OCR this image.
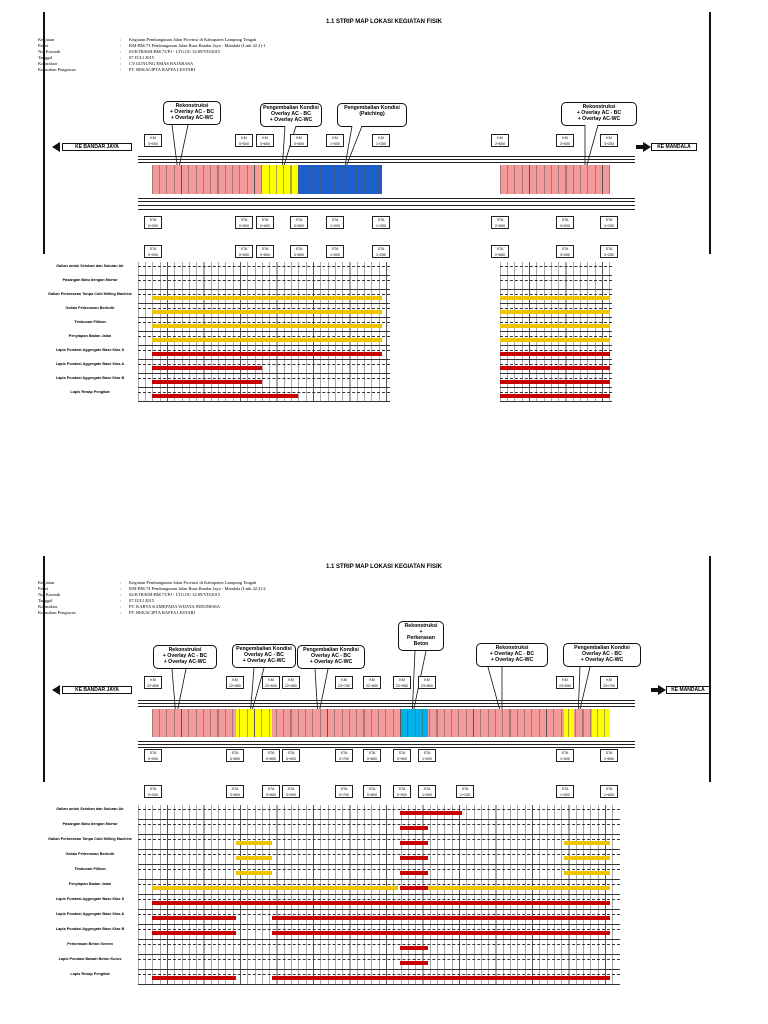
1.1 STRIP MAP LOKASI KEGIATAN FISIK
Kegiatan	: Kegiatan Pembangunan Jalan Provinsi di Kabupaten Lampung Tengah
Paket	: KM-BM.73 Pembangunan Jalan Ruas Bandar Jaya - Mandala (Link 42.2)-1
No. Kontrak	: 03/KTR/KM-BM.73/PJ - LTG.IX/ 32.09/VII/2015
Tanggal	: 07 JULI 2015
Kontraktor	: CV.GUNUNG EMAS RAJABASA
Konsultan Pengawas	: PT. REKACIPTA RAFFA LESTARI
Rekonstruksi
+ Overlay AC - BC
+ Overlay AC-WC
Pengembalian Kondisi
Overlay AC - BC
+ Overlay AC-WC
Pengembalian Kondisi
(Patching)
Rekonstruksi
+ Overlay AC - BC
+ Overlay AC-WC
KE BANDAR JAYA	KE MANDALA
KM
0+000
KM
0+500
KM
0+600
KM
0+800
KM
1+000
KM
1+250
KM
2+650
KM
3+000
KM
3+250
STA
0+000
STA
0+500
STA
0+600
STA
0+800
STA
1+000
STA
1+250
STA
2+650
STA
3+000
STA
3+250
STA
0+000
STA
0+500
STA
0+600
STA
0+800
STA
1+000
STA
1+250
STA
2+650
STA
3+000
STA
3+250
Galian untuk Selokan dan Saluran Air
Pasangan Batu dengan Mortar
Galian Perkerasan Tanpa Cold Milling Machine
Galian Perkerasan Berbutir
Timbunan Pilihan
Penyiapan Badan Jalan
Lapis Pondasi Aggregate Base Klas S
Lapis Pondasi Aggregate Base Klas A
Lapis Pondasi Aggregate Base Klas B
Lapis Resap Pengikat
1.1 STRIP MAP LOKASI KEGIATAN FISIK
Kegiatan	: Kegiatan Pembangunan Jalan Provinsi di Kabupaten Lampung Tengah
Paket	: KM-BM.74 Pembangunan Jalan Ruas Bandar Jaya - Mandala (Link 42.2)-2
No. Kontrak	: 02/KTR/KM-BM.73/PJ - LTG.IX/ 32.09/VII/2015
Tanggal	: 07 JULI 2015
Kontraktor	: PT. KARYA KAMEFADA WIJAYA INDONESIA
Konsultan Pengawas	: PT. REKACIPTA RAFFA LESTARI
Rekonstruksi
+ Overlay AC - BC
+ Overlay AC-WC
Pengembalian Kondisi
Overlay AC - BC
+ Overlay AC-WC
Pengembalian Kondisi
Overlay AC - BC
+ Overlay AC-WC
Rekonstruksi
+
Perkerasan
Beton
Rekonstruksi
+ Overlay AC - BC
+ Overlay AC-WC
Pengembalian Kondisi
Overlay AC - BC
+ Overlay AC-WC
KE BANDAR JAYA	KE MANDALA
KM
22+850
KM
22+850
KM
22+600
KM
22+650
KM
23+750
KM
22+850
KM
22+950
KM
23+850
KM
23+650
KM
23+700
STA
0+000
STA
0+800
STA
0+850
STA
0+900
STA
0+700
STA
0+800
STA
0+900
STA
1+000
STA
1+500
STA
1+650
STA
0+000
STA
0+800
STA
0+850
STA
0+900
STA
0+700
STA
0+800
STA
0+900
STA
1+000
STA
1+125
STA
1+500
STA
1+650
Galian untuk Selokan dan Saluran Air
Pasangan Batu dengan Mortar
Galian Perkerasan Tanpa Cold Milling Machine
Galian Perkerasan Berbutir
Timbunan Pilihan
Penyiapan Badan Jalan
Lapis Pondasi Aggregate Base Klas S
Lapis Pondasi Aggregate Base Klas A
Lapis Pondasi Aggregate Base Klas B
Perkerasan Beton Semen
Lapis Pondasi Bawah Beton Kurus
Lapis Resap Pengikat
